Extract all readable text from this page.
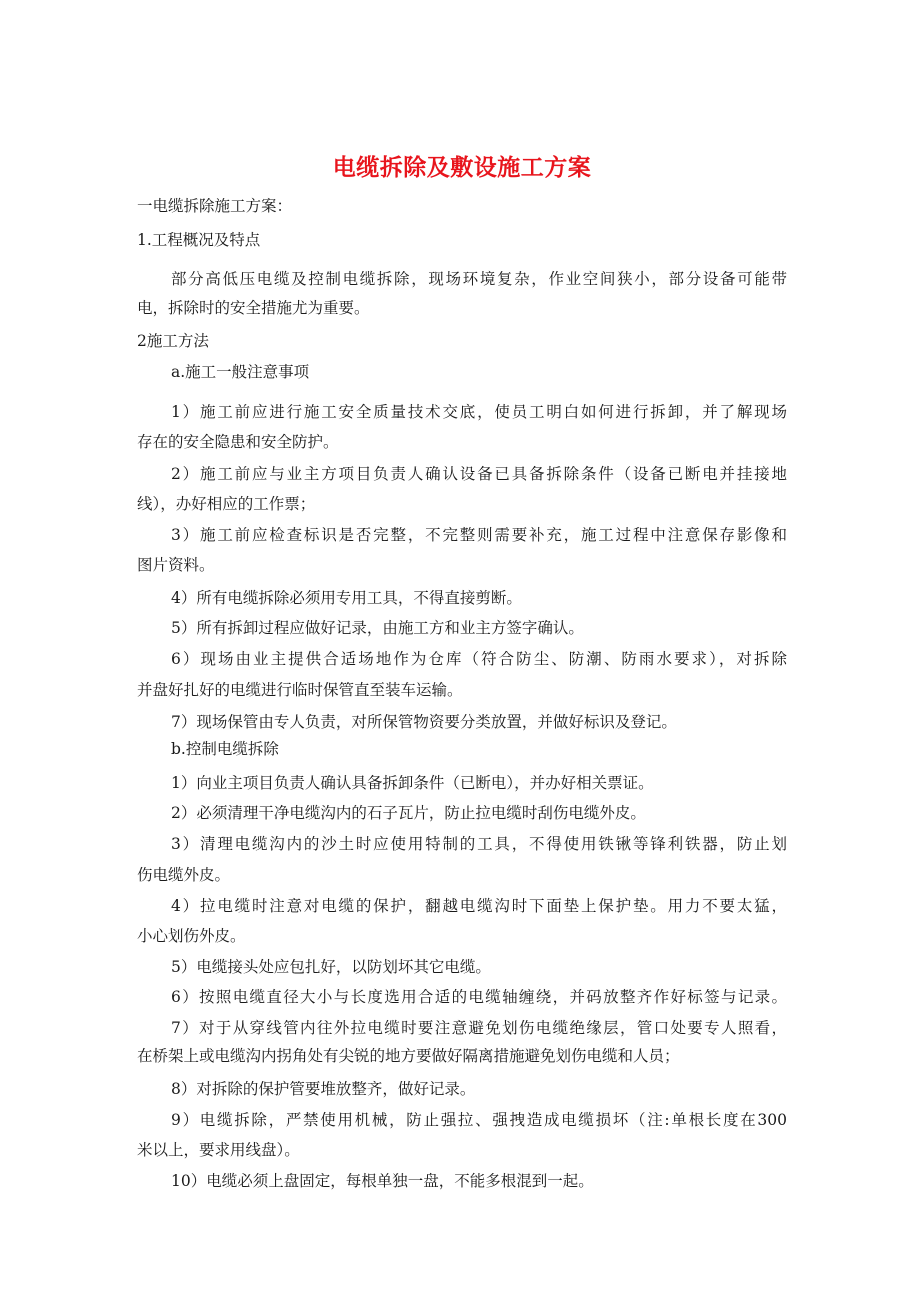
电缆拆除及敷设施工方案
一电缆拆除施工方案：
1.工程概况及特点
部分高低压电缆及控制电缆拆除，现场环境复杂，作业空间狭小，部分设备可能带
电，拆除时的安全措施尤为重要。
2施工方法
a.施工一般注意事项
1）施工前应进行施工安全质量技术交底，使员工明白如何进行拆卸，并了解现场
存在的安全隐患和安全防护。
2）施工前应与业主方项目负责人确认设备已具备拆除条件（设备已断电并挂接地
线），办好相应的工作票；
3）施工前应检查标识是否完整，不完整则需要补充，施工过程中注意保存影像和
图片资料。
4）所有电缆拆除必须用专用工具，不得直接剪断。
5）所有拆卸过程应做好记录，由施工方和业主方签字确认。
6）现场由业主提供合适场地作为仓库（符合防尘、防潮、防雨水要求），对拆除
并盘好扎好的电缆进行临时保管直至装车运输。
7）现场保管由专人负责，对所保管物资要分类放置，并做好标识及登记。
b.控制电缆拆除
1）向业主项目负责人确认具备拆卸条件（已断电），并办好相关票证。
2）必须清理干净电缆沟内的石子瓦片，防止拉电缆时刮伤电缆外皮。
3）清理电缆沟内的沙土时应使用特制的工具，不得使用铁锹等锋利铁器，防止划
伤电缆外皮。
4）拉电缆时注意对电缆的保护，翻越电缆沟时下面垫上保护垫。用力不要太猛，
小心划伤外皮。
5）电缆接头处应包扎好，以防划坏其它电缆。
6）按照电缆直径大小与长度选用合适的电缆轴缠绕，并码放整齐作好标签与记录。
7）对于从穿线管内往外拉电缆时要注意避免划伤电缆绝缘层，管口处要专人照看，
在桥架上或电缆沟内拐角处有尖锐的地方要做好隔离措施避免划伤电缆和人员；
8）对拆除的保护管要堆放整齐，做好记录。
9）电缆拆除，严禁使用机械，防止强拉、强拽造成电缆损坏（注:单根长度在300
米以上，要求用线盘）。
10）电缆必须上盘固定，每根单独一盘，不能多根混到一起。
